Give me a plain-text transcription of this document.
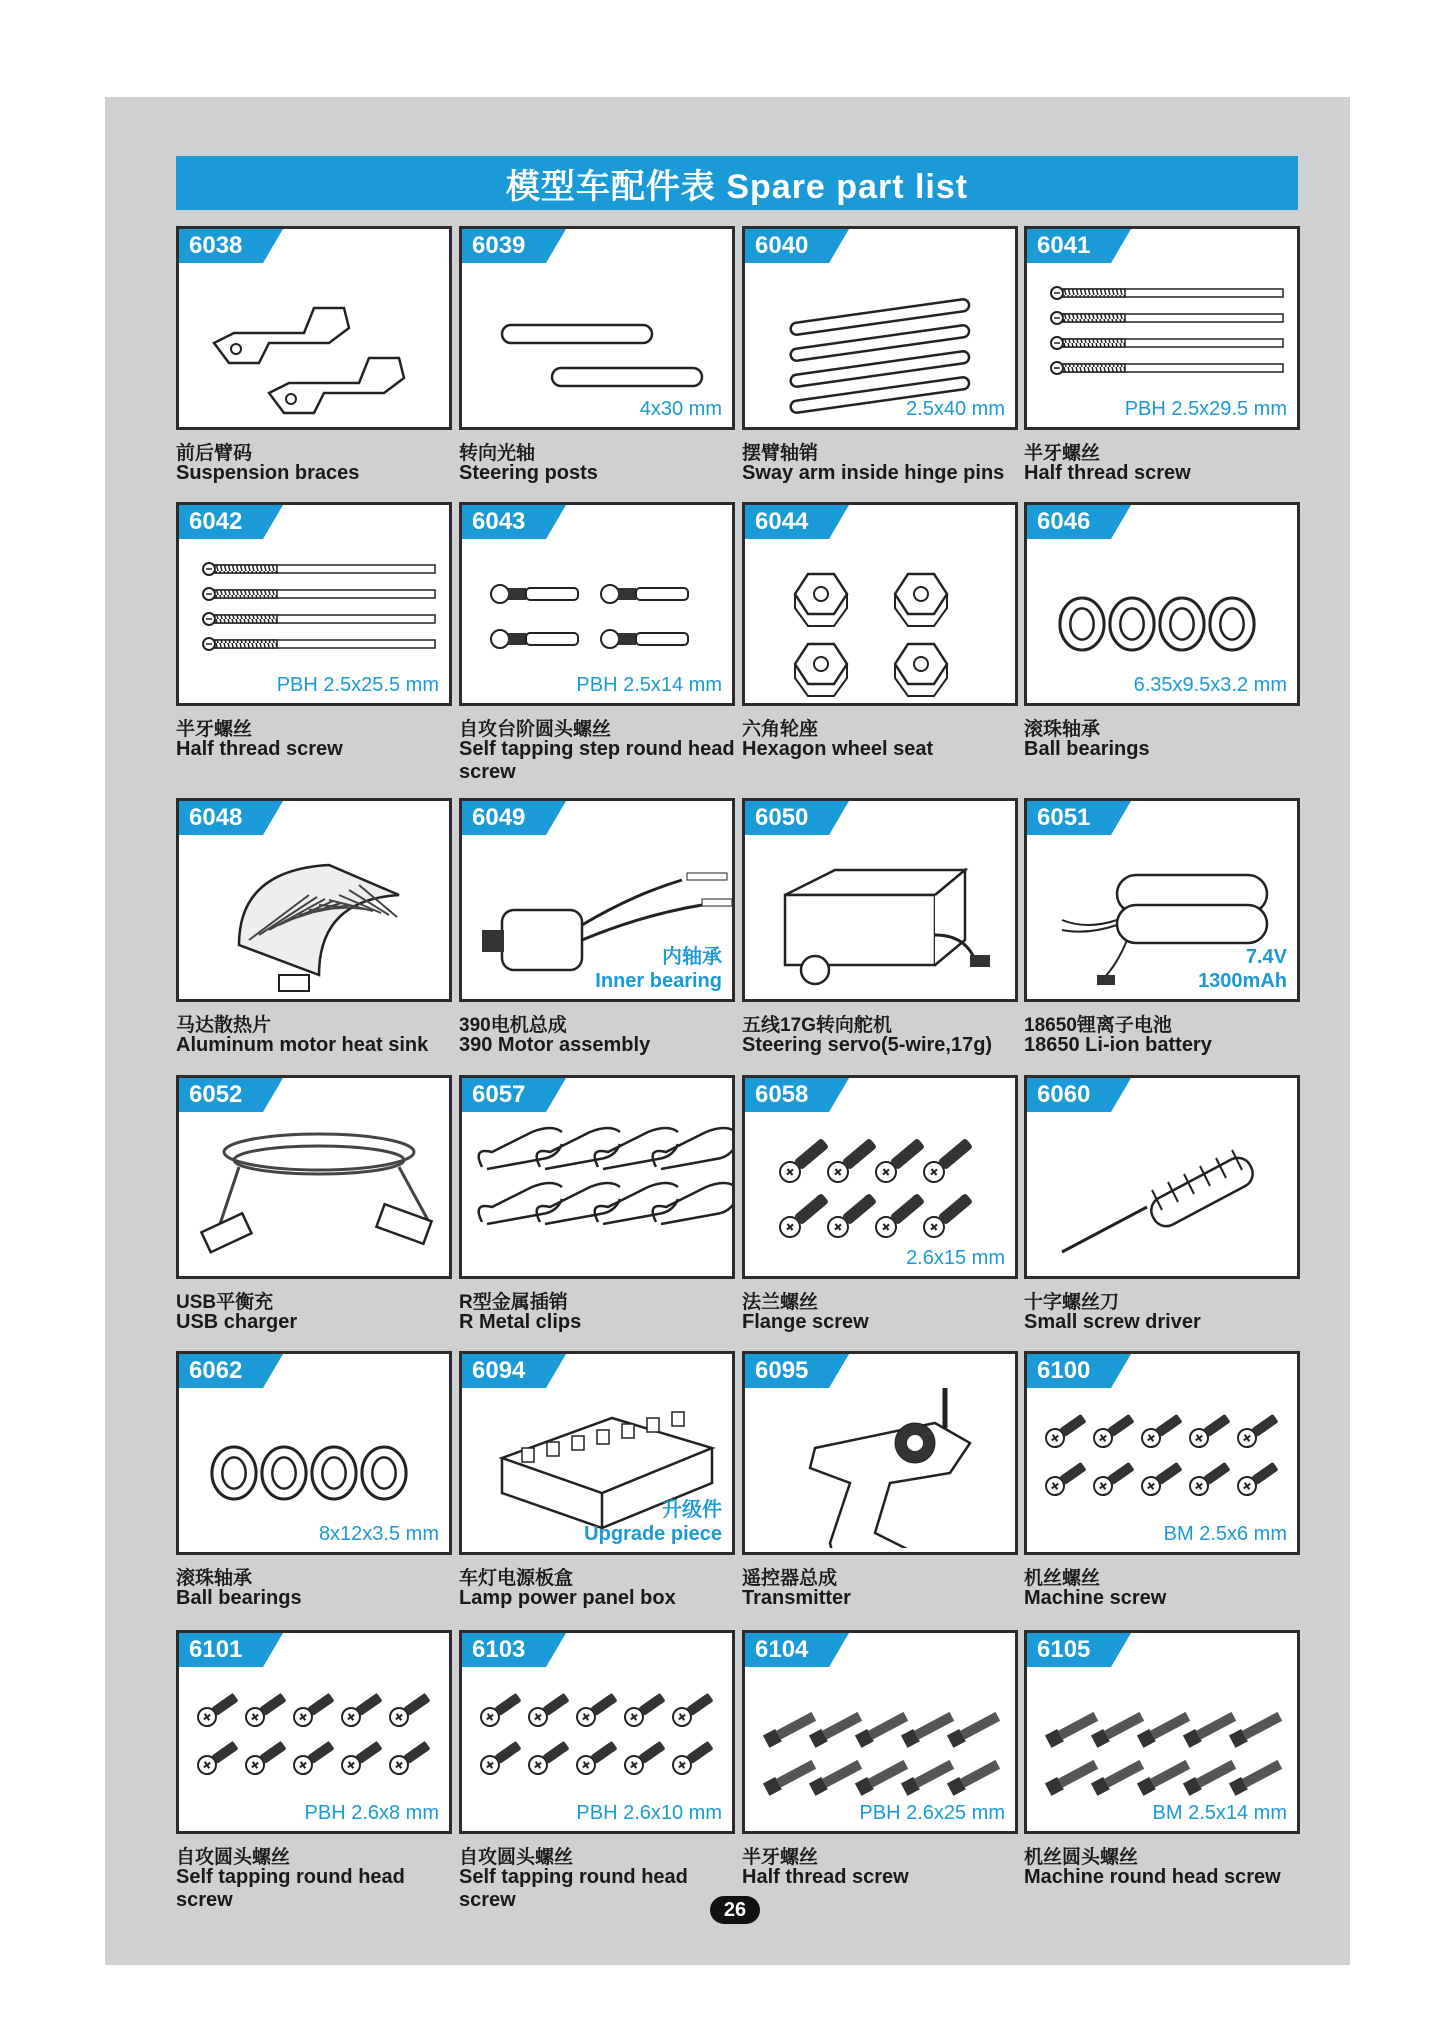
模型车配件表 Spare part list
6038
前后臂码
Suspension braces
6039
4x30 mm
转向光轴
Steering posts
6040
2.5x40 mm
摆臂轴销
Sway arm inside hinge pins
6041
PBH 2.5x29.5 mm
半牙螺丝
Half thread screw
6042
PBH 2.5x25.5 mm
半牙螺丝
Half thread screw
6043
PBH 2.5x14 mm
自攻台阶圆头螺丝
Self tapping step round head screw
6044
六角轮座
Hexagon wheel seat
6046
6.35x9.5x3.2 mm
滚珠轴承
Ball bearings
6048
马达散热片
Aluminum motor heat sink
6049
内轴承
Inner bearing
390电机总成
390 Motor assembly
6050
五线17G转向舵机
Steering servo(5-wire,17g)
6051
7.4V
1300mAh
18650锂离子电池
18650 Li-ion battery
6052
USB平衡充
USB charger
6057
R型金属插销
R Metal clips
6058
2.6x15 mm
法兰螺丝
Flange screw
6060
十字螺丝刀
Small screw driver
6062
8x12x3.5 mm
滚珠轴承
Ball bearings
6094
升级件
Upgrade piece
车灯电源板盒
Lamp power panel box
6095
遥控器总成
Transmitter
6100
BM 2.5x6 mm
机丝螺丝
Machine screw
6101
PBH 2.6x8 mm
自攻圆头螺丝
Self tapping round head screw
6103
PBH 2.6x10 mm
自攻圆头螺丝
Self tapping round head screw
6104
PBH 2.6x25 mm
半牙螺丝
Half thread screw
6105
BM 2.5x14 mm
机丝圆头螺丝
Machine round head screw
26
